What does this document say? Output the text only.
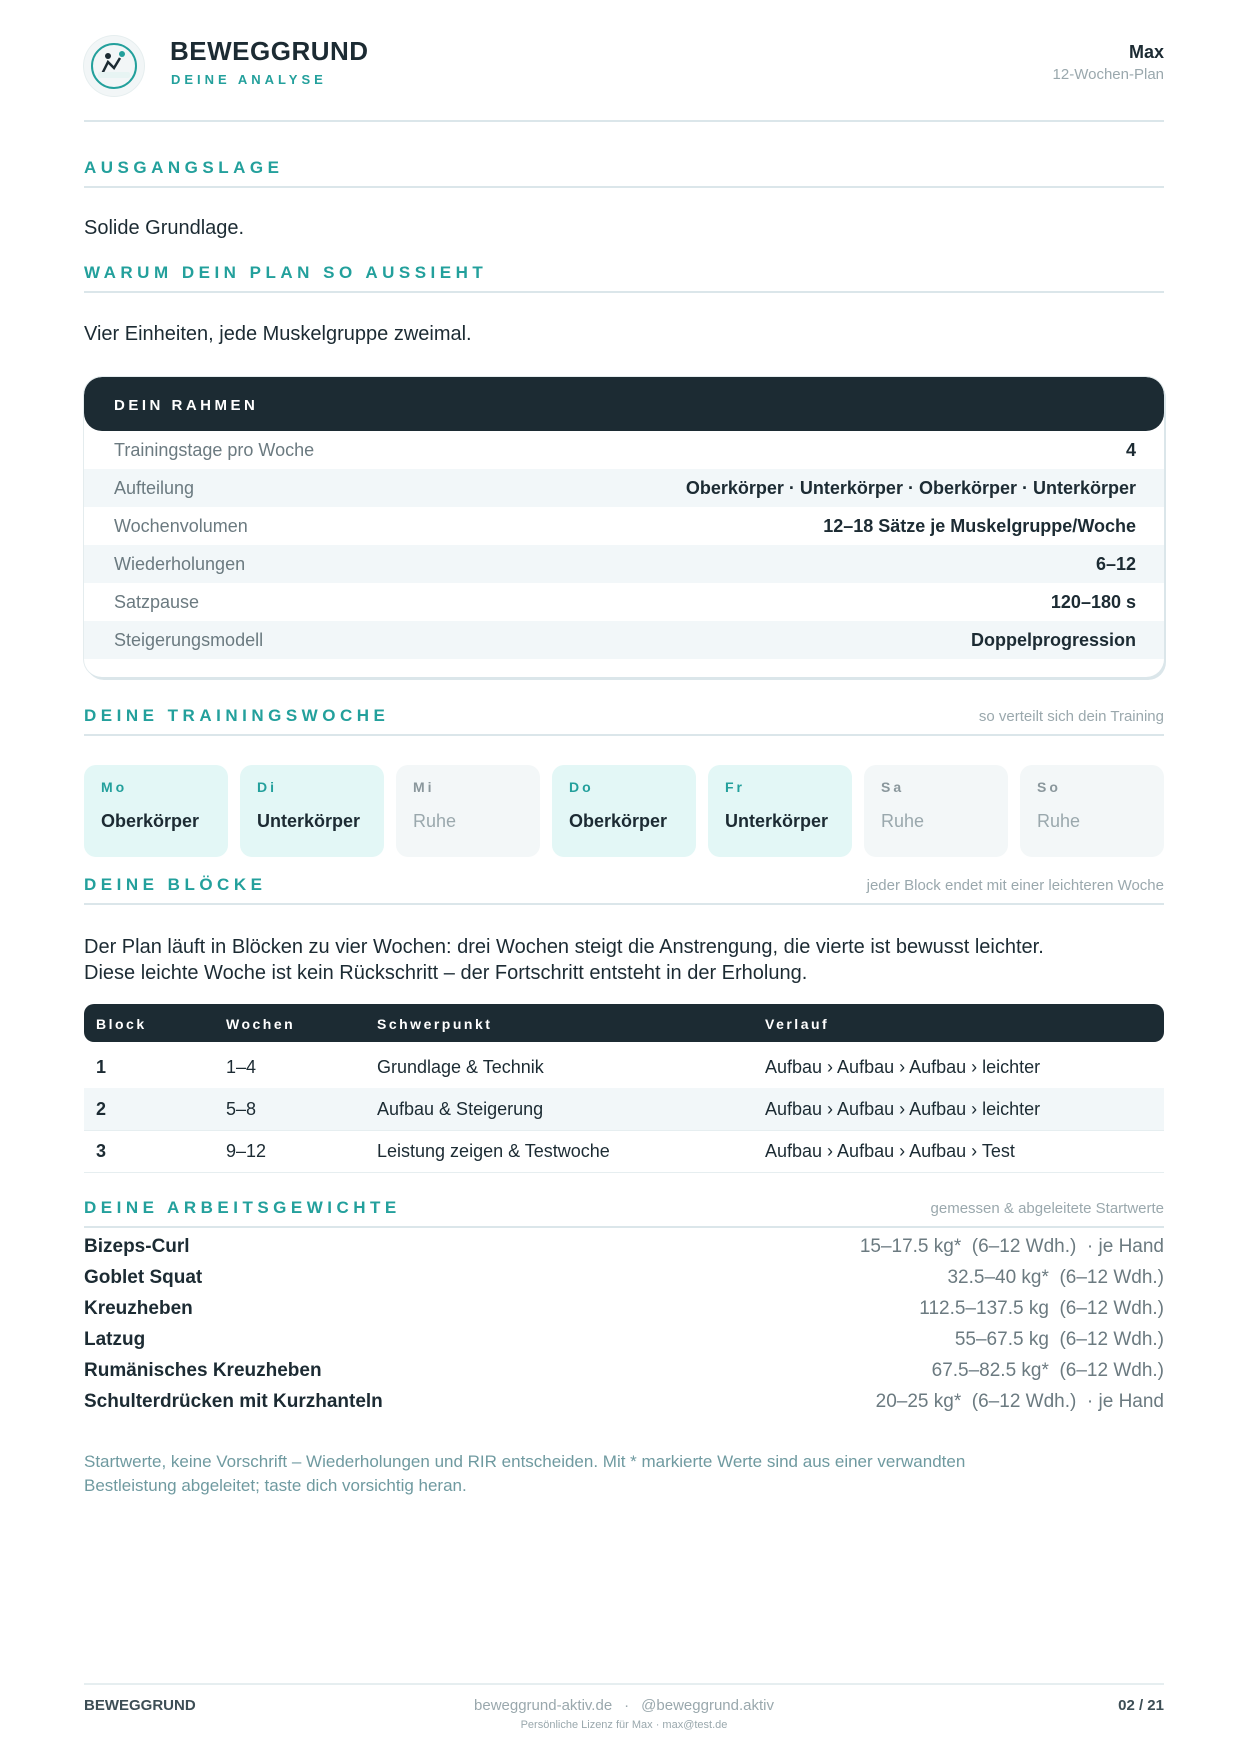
BEWEGGRUND
DEINE ANALYSE
Max
12-Wochen-Plan
AUSGANGSLAGE
Solide Grundlage.
WARUM DEIN PLAN SO AUSSIEHT
Vier Einheiten, jede Muskelgruppe zweimal.
DEIN RAHMEN
Trainingstage pro Woche	4
Aufteilung	Oberkörper · Unterkörper · Oberkörper · Unterkörper
Wochenvolumen	12–18 Sätze je Muskelgruppe/Woche
Wiederholungen	6–12
Satzpause	120–180 s
Steigerungsmodell	Doppelprogression
DEINE TRAININGSWOCHE	so verteilt sich dein Training
Mo
Oberkörper
Di
Unterkörper
Mi
Ruhe
Do
Oberkörper
Fr
Unterkörper
Sa
Ruhe
So
Ruhe
DEINE BLÖCKE	jeder Block endet mit einer leichteren Woche
Der Plan läuft in Blöcken zu vier Wochen: drei Wochen steigt die Anstrengung, die vierte ist bewusst leichter.
Diese leichte Woche ist kein Rückschritt – der Fortschritt entsteht in der Erholung.
Block	Wochen	Schwerpunkt	Verlauf
1	1–4	Grundlage & Technik	Aufbau › Aufbau › Aufbau › leichter
2	5–8	Aufbau & Steigerung	Aufbau › Aufbau › Aufbau › leichter
3	9–12	Leistung zeigen & Testwoche	Aufbau › Aufbau › Aufbau › Test
DEINE ARBEITSGEWICHTE	gemessen & abgeleitete Startwerte
Bizeps-Curl	15–17.5 kg*  (6–12 Wdh.)  · je Hand
Goblet Squat	32.5–40 kg*  (6–12 Wdh.)
Kreuzheben	112.5–137.5 kg  (6–12 Wdh.)
Latzug	55–67.5 kg  (6–12 Wdh.)
Rumänisches Kreuzheben	67.5–82.5 kg*  (6–12 Wdh.)
Schulterdrücken mit Kurzhanteln	20–25 kg*  (6–12 Wdh.)  · je Hand
Startwerte, keine Vorschrift – Wiederholungen und RIR entscheiden. Mit * markierte Werte sind aus einer verwandten
Bestleistung abgeleitet; taste dich vorsichtig heran.
BEWEGGRUND	beweggrund-aktiv.de · @beweggrund.aktiv
Persönliche Lizenz für Max · max@test.de
02 / 21
